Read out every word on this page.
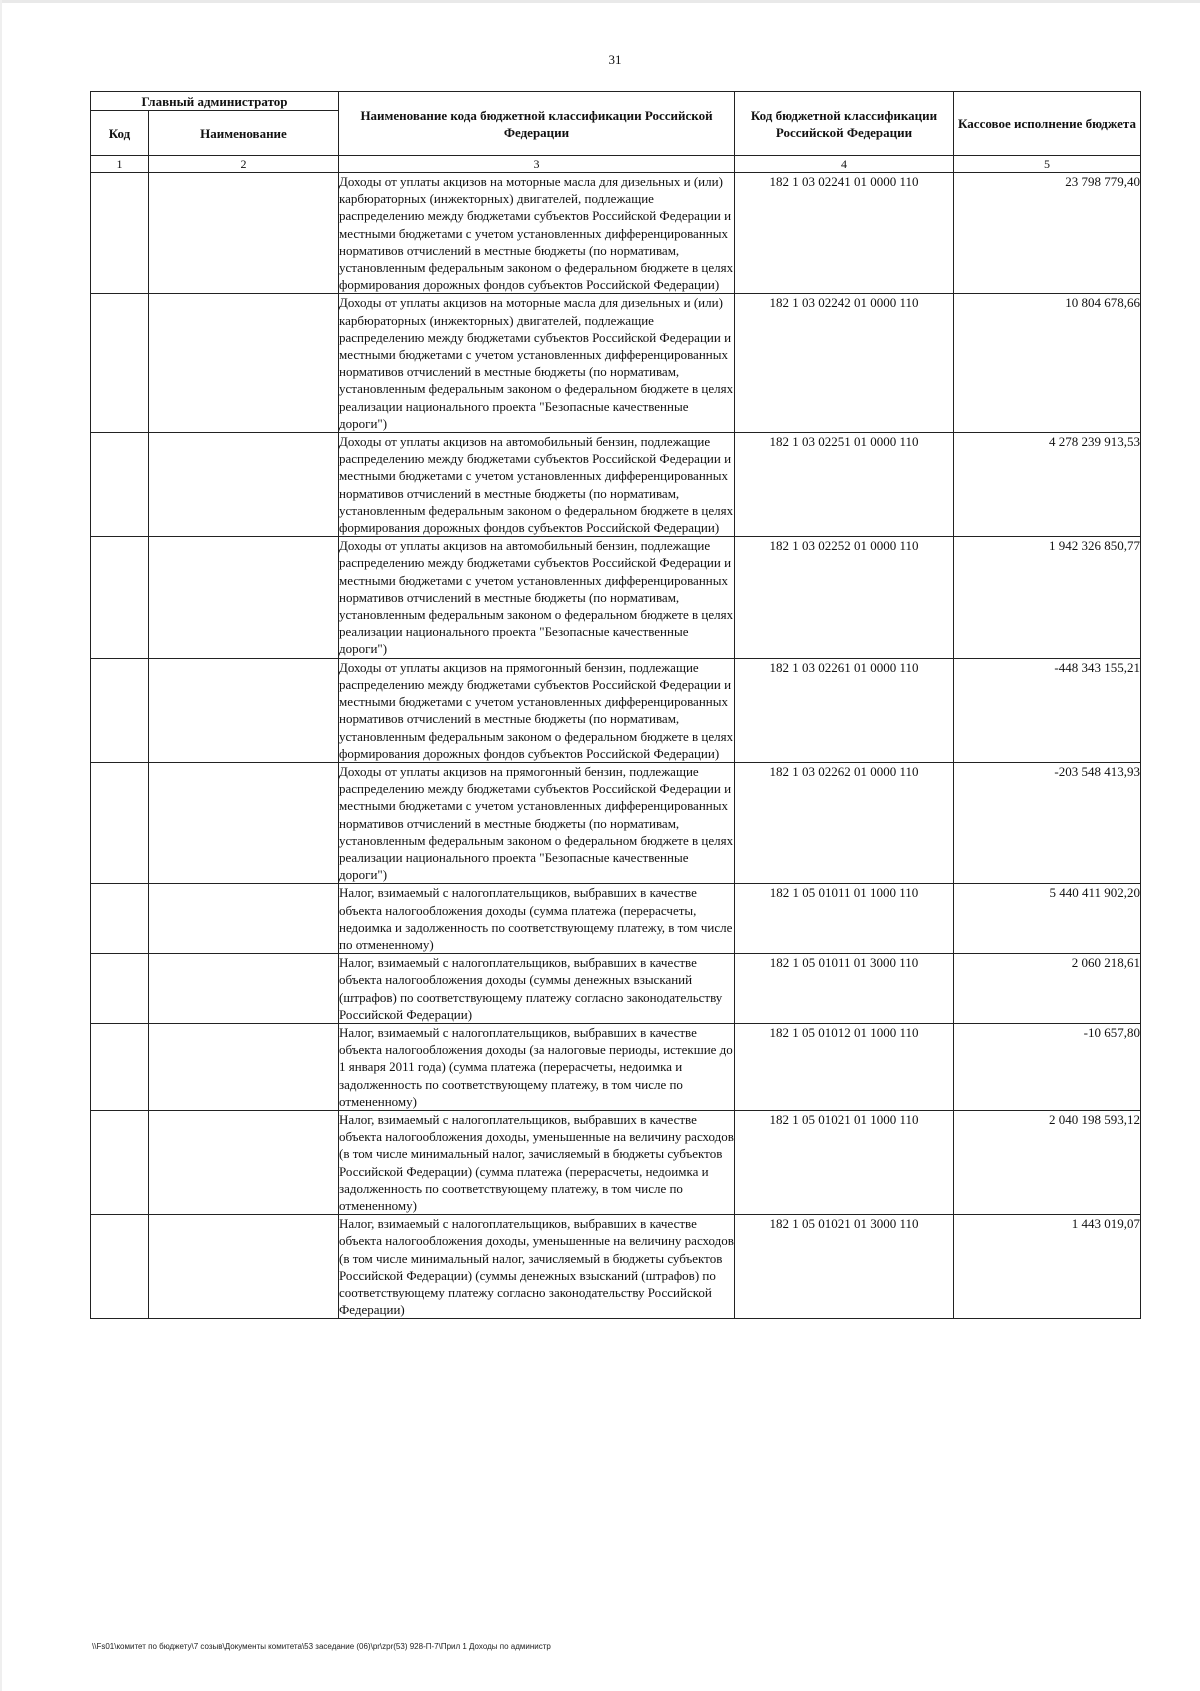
31
Главный администратор		Наименование кода бюджетной классификации Российской Федерации	Код бюджетной классификации Российской Федерации	Кассовое исполнение бюджета
Код	Наименование			
1	2	3	4	5
		Доходы от уплаты акцизов на моторные масла для дизельных и (или) карбюраторных (инжекторных) двигателей, подлежащие распределению между бюджетами субъектов Российской Федерации и местными бюджетами с учетом установленных дифференцированных нормативов отчислений в местные бюджеты (по нормативам, установленным федеральным законом о федеральном бюджете в целях формирования дорожных фондов субъектов Российской Федерации)	182 1 03 02241 01 0000 110	23 798 779,40
		Доходы от уплаты акцизов на моторные масла для дизельных и (или) карбюраторных (инжекторных) двигателей, подлежащие распределению между бюджетами субъектов Российской Федерации и местными бюджетами с учетом установленных дифференцированных нормативов отчислений в местные бюджеты (по нормативам, установленным федеральным законом о федеральном бюджете в целях реализации национального проекта "Безопасные качественные дороги")	182 1 03 02242 01 0000 110	10 804 678,66
		Доходы от уплаты акцизов на автомобильный бензин, подлежащие распределению между бюджетами субъектов Российской Федерации и местными бюджетами с учетом установленных дифференцированных нормативов отчислений в местные бюджеты (по нормативам, установленным федеральным законом о федеральном бюджете в целях формирования дорожных фондов субъектов Российской Федерации)	182 1 03 02251 01 0000 110	4 278 239 913,53
		Доходы от уплаты акцизов на автомобильный бензин, подлежащие распределению между бюджетами субъектов Российской Федерации и местными бюджетами с учетом установленных дифференцированных нормативов отчислений в местные бюджеты (по нормативам, установленным федеральным законом о федеральном бюджете в целях реализации национального проекта "Безопасные качественные дороги")	182 1 03 02252 01 0000 110	1 942 326 850,77
		Доходы от уплаты акцизов на прямогонный бензин, подлежащие распределению между бюджетами субъектов Российской Федерации и местными бюджетами с учетом установленных дифференцированных нормативов отчислений в местные бюджеты (по нормативам, установленным федеральным законом о федеральном бюджете в целях формирования дорожных фондов субъектов Российской Федерации)	182 1 03 02261 01 0000 110	-448 343 155,21
		Доходы от уплаты акцизов на прямогонный бензин, подлежащие распределению между бюджетами субъектов Российской Федерации и местными бюджетами с учетом установленных дифференцированных нормативов отчислений в местные бюджеты (по нормативам, установленным федеральным законом о федеральном бюджете в целях реализации национального проекта "Безопасные качественные дороги")	182 1 03 02262 01 0000 110	-203 548 413,93
		Налог, взимаемый с налогоплательщиков, выбравших в качестве объекта налогообложения доходы (сумма платежа (перерасчеты, недоимка и задолженность по соответствующему платежу, в том числе по отмененному)	182 1 05 01011 01 1000 110	5 440 411 902,20
		Налог, взимаемый с налогоплательщиков, выбравших в качестве объекта налогообложения доходы (суммы денежных взысканий (штрафов) по соответствующему платежу согласно законодательству Российской Федерации)	182 1 05 01011 01 3000 110	2 060 218,61
		Налог, взимаемый с налогоплательщиков, выбравших в качестве объекта налогообложения доходы (за налоговые периоды, истекшие до 1 января 2011 года) (сумма платежа (перерасчеты, недоимка и задолженность по соответствующему платежу, в том числе по отмененному)	182 1 05 01012 01 1000 110	-10 657,80
		Налог, взимаемый с налогоплательщиков, выбравших в качестве объекта налогообложения доходы, уменьшенные на величину расходов (в том числе минимальный налог, зачисляемый в бюджеты субъектов Российской Федерации) (сумма платежа (перерасчеты, недоимка и задолженность по соответствующему платежу, в том числе по отмененному)	182 1 05 01021 01 1000 110	2 040 198 593,12
		Налог, взимаемый с налогоплательщиков, выбравших в качестве объекта налогообложения доходы, уменьшенные на величину расходов (в том числе минимальный налог, зачисляемый в бюджеты субъектов Российской Федерации) (суммы денежных взысканий (штрафов) по соответствующему платежу согласно законодательству Российской Федерации)	182 1 05 01021 01 3000 110	1 443 019,07
\\Fs01\комитет по бюджету\7 созыв\Документы комитета\53 заседание (06)\pr\zpr(53) 928-П-7\Прил 1 Доходы по админиcтр
